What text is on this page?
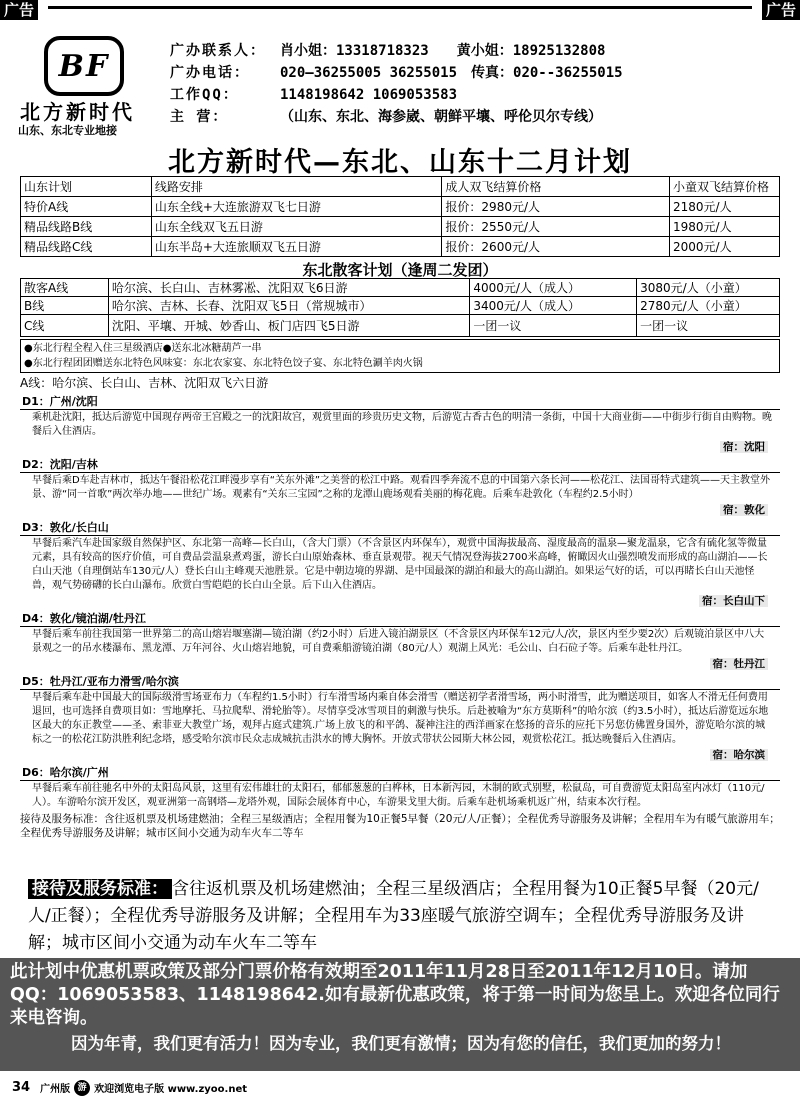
广告	广告
BF
北方新时代
山东、东北专业地接
广办联系人： 肖小姐：13318718323 黄小姐：18925132808
广办电话： 020—36255005 36255015 传真：020--36255015
工作QQ：	1148198642 1069053583
主 营：	（山东、东北、海参崴、朝鲜平壤、呼伦贝尔专线）
北方新时代—东北、山东十二月计划
山东计划	线路安排	成人双飞结算价格	小童双飞结算价格
特价A线	山东全线+大连旅游双飞七日游	报价：2980元/人	2180元/人
精品线路B线	山东全线双飞五日游	报价：2550元/人	1980元/人
精品线路C线	山东半岛+大连旅顺双飞五日游	报价：2600元/人	2000元/人
东北散客计划（逢周二发团）
散客A线	哈尔滨、长白山、吉林雾凇、沈阳双飞6日游	4000元/人（成人）	3080元/人（小童）
B线	哈尔滨、吉林、长春、沈阳双飞5日（常规城市）	3400元/人（成人）	2780元/人（小童）
C线	沈阳、平壤、开城、妙香山、板门店四飞5日游	一团一议	一团一议
●东北行程全程入住三星级酒店●送东北冰糖葫芦一串
●东北行程团团赠送东北特色风味宴：东北农家宴、东北特色饺子宴、东北特色涮羊肉火锅
A线：哈尔滨、长白山、吉林、沈阳双飞六日游
D1：广州/沈阳
乘机赴沈阳，抵达后游览中国现存两帝王宫殿之一的沈阳故宫，观赏里面的珍贵历史文物，后游览古香古色的明清一条街，中国十大商业街——中街步行街自由购物。晚餐后入住酒店。
宿：沈阳
D2：沈阳/吉林
早餐后乘D车赴吉林市，抵达午餐沿松花江畔漫步享有“关东外滩”之美誉的松江中路。观看四季奔流不息的中国第六条长河——松花江、法国哥特式建筑——天主教堂外景、游“同一首歌”两次举办地——世纪广场。观素有“关东三宝园”之称的龙潭山鹿场观看美丽的梅花鹿。后乘车赴敦化（车程约2.5小时）
宿：敦化
D3：敦化/长白山
早餐后乘汽车赴国家级自然保护区、东北第一高峰—长白山，（含大门票）（不含景区内环保车），观赏中国海拔最高、湿度最高的温泉—聚龙温泉，它含有硫化氢等微量元素，具有较高的医疗价值，可自费品尝温泉煮鸡蛋，游长白山原始森林、垂直景观带。视天气情况登海拔2700米高峰，俯瞰因火山强烈喷发而形成的高山湖泊——长白山天池（自理倒站车130元/人）登长白山主峰观天池胜景。它是中朝边境的界湖、是中国最深的湖泊和最大的高山湖泊。如果运气好的话，可以再睹长白山天池怪兽，观气势磅礴的长白山瀑布。欣赏白雪皑皑的长白山全景。后下山入住酒店。
宿：长白山下
D4：敦化/镜泊湖/牡丹江
早餐后乘车前往我国第一世界第二的高山熔岩堰塞湖—镜泊湖（约2小时）后进入镜泊湖景区（不含景区内环保车12元/人/次，景区内至少要2次）后观镜泊景区中八大景观之一的吊水楼瀑布、黑龙潭、万年河谷、火山熔岩地貌，可自费乘船游镜泊湖（80元/人）观湖上风光：毛公山、白石砬子等。后乘车赴牡丹江。
宿：牡丹江
D5：牡丹江/亚布力滑雪/哈尔滨
早餐后乘车赴中国最大的国际级滑雪场亚布力（车程约1.5小时）行车滑雪场内乘自体会滑雪（赠送初学者滑雪场，两小时滑雪，此为赠送项目，如客人不滑无任何费用退回，也可选择自费项目如：雪地摩托、马拉爬犁、滑轮胎等）。尽情享受冰雪项目的刺激与快乐。后赴被喻为“东方莫斯科”的哈尔滨（约3.5小时），抵达后游览远东地区最大的东正教堂——圣、索菲亚大教堂广场，观拜占庭式建筑.广场上放飞的和平鸽、凝神注注的西洋画家在悠扬的音乐的应托下另您仿佛置身国外，游览哈尔滨的城标之一的松花江防洪胜利纪念塔，感受哈尔滨市民众志成城抗击洪水的博大胸怀。开放式带状公园斯大林公园，观赏松花江。抵达晚餐后入住酒店。
宿：哈尔滨
D6：哈尔滨/广州
早餐后乘车前往驰名中外的太阳岛风景，这里有宏伟雄壮的太阳石，郁郁葱葱的白桦林，日本新泻园，木制的欧式别墅，松鼠岛，可自费游览太阳岛室内冰灯（110元/人）。车游哈尔滨开发区，观亚洲第一高钢塔—龙塔外观，国际会展体育中心，车游果戈里大街。后乘车赴机场乘机返广州，结束本次行程。
接待及服务标准：含往返机票及机场建燃油；全程三星级酒店；全程用餐为10正餐5早餐（20元/人/正餐）；全程优秀导游服务及讲解；全程用车为有暖气旅游用车；全程优秀导游服务及讲解；城市区间小交通为动车火车二等车
接待及服务标准： 含往返机票及机场建燃油；全程三星级酒店；全程用餐为10正餐5早餐（20元/人/正餐）；全程优秀导游服务及讲解；全程用车为33座暖气旅游空调车；全程优秀导游服务及讲解；城市区间小交通为动车火车二等车
此计划中优惠机票政策及部分门票价格有效期至2011年11月28日至2011年12月10日。请加QQ：1069053583、1148198642.如有最新优惠政策，将于第一时间为您呈上。欢迎各位同行来电咨询。
因为年青，我们更有活力！因为专业，我们更有激情；因为有您的信任，我们更加的努力！
34 广州版 游 欢迎浏览电子版 www.zyoo.net
